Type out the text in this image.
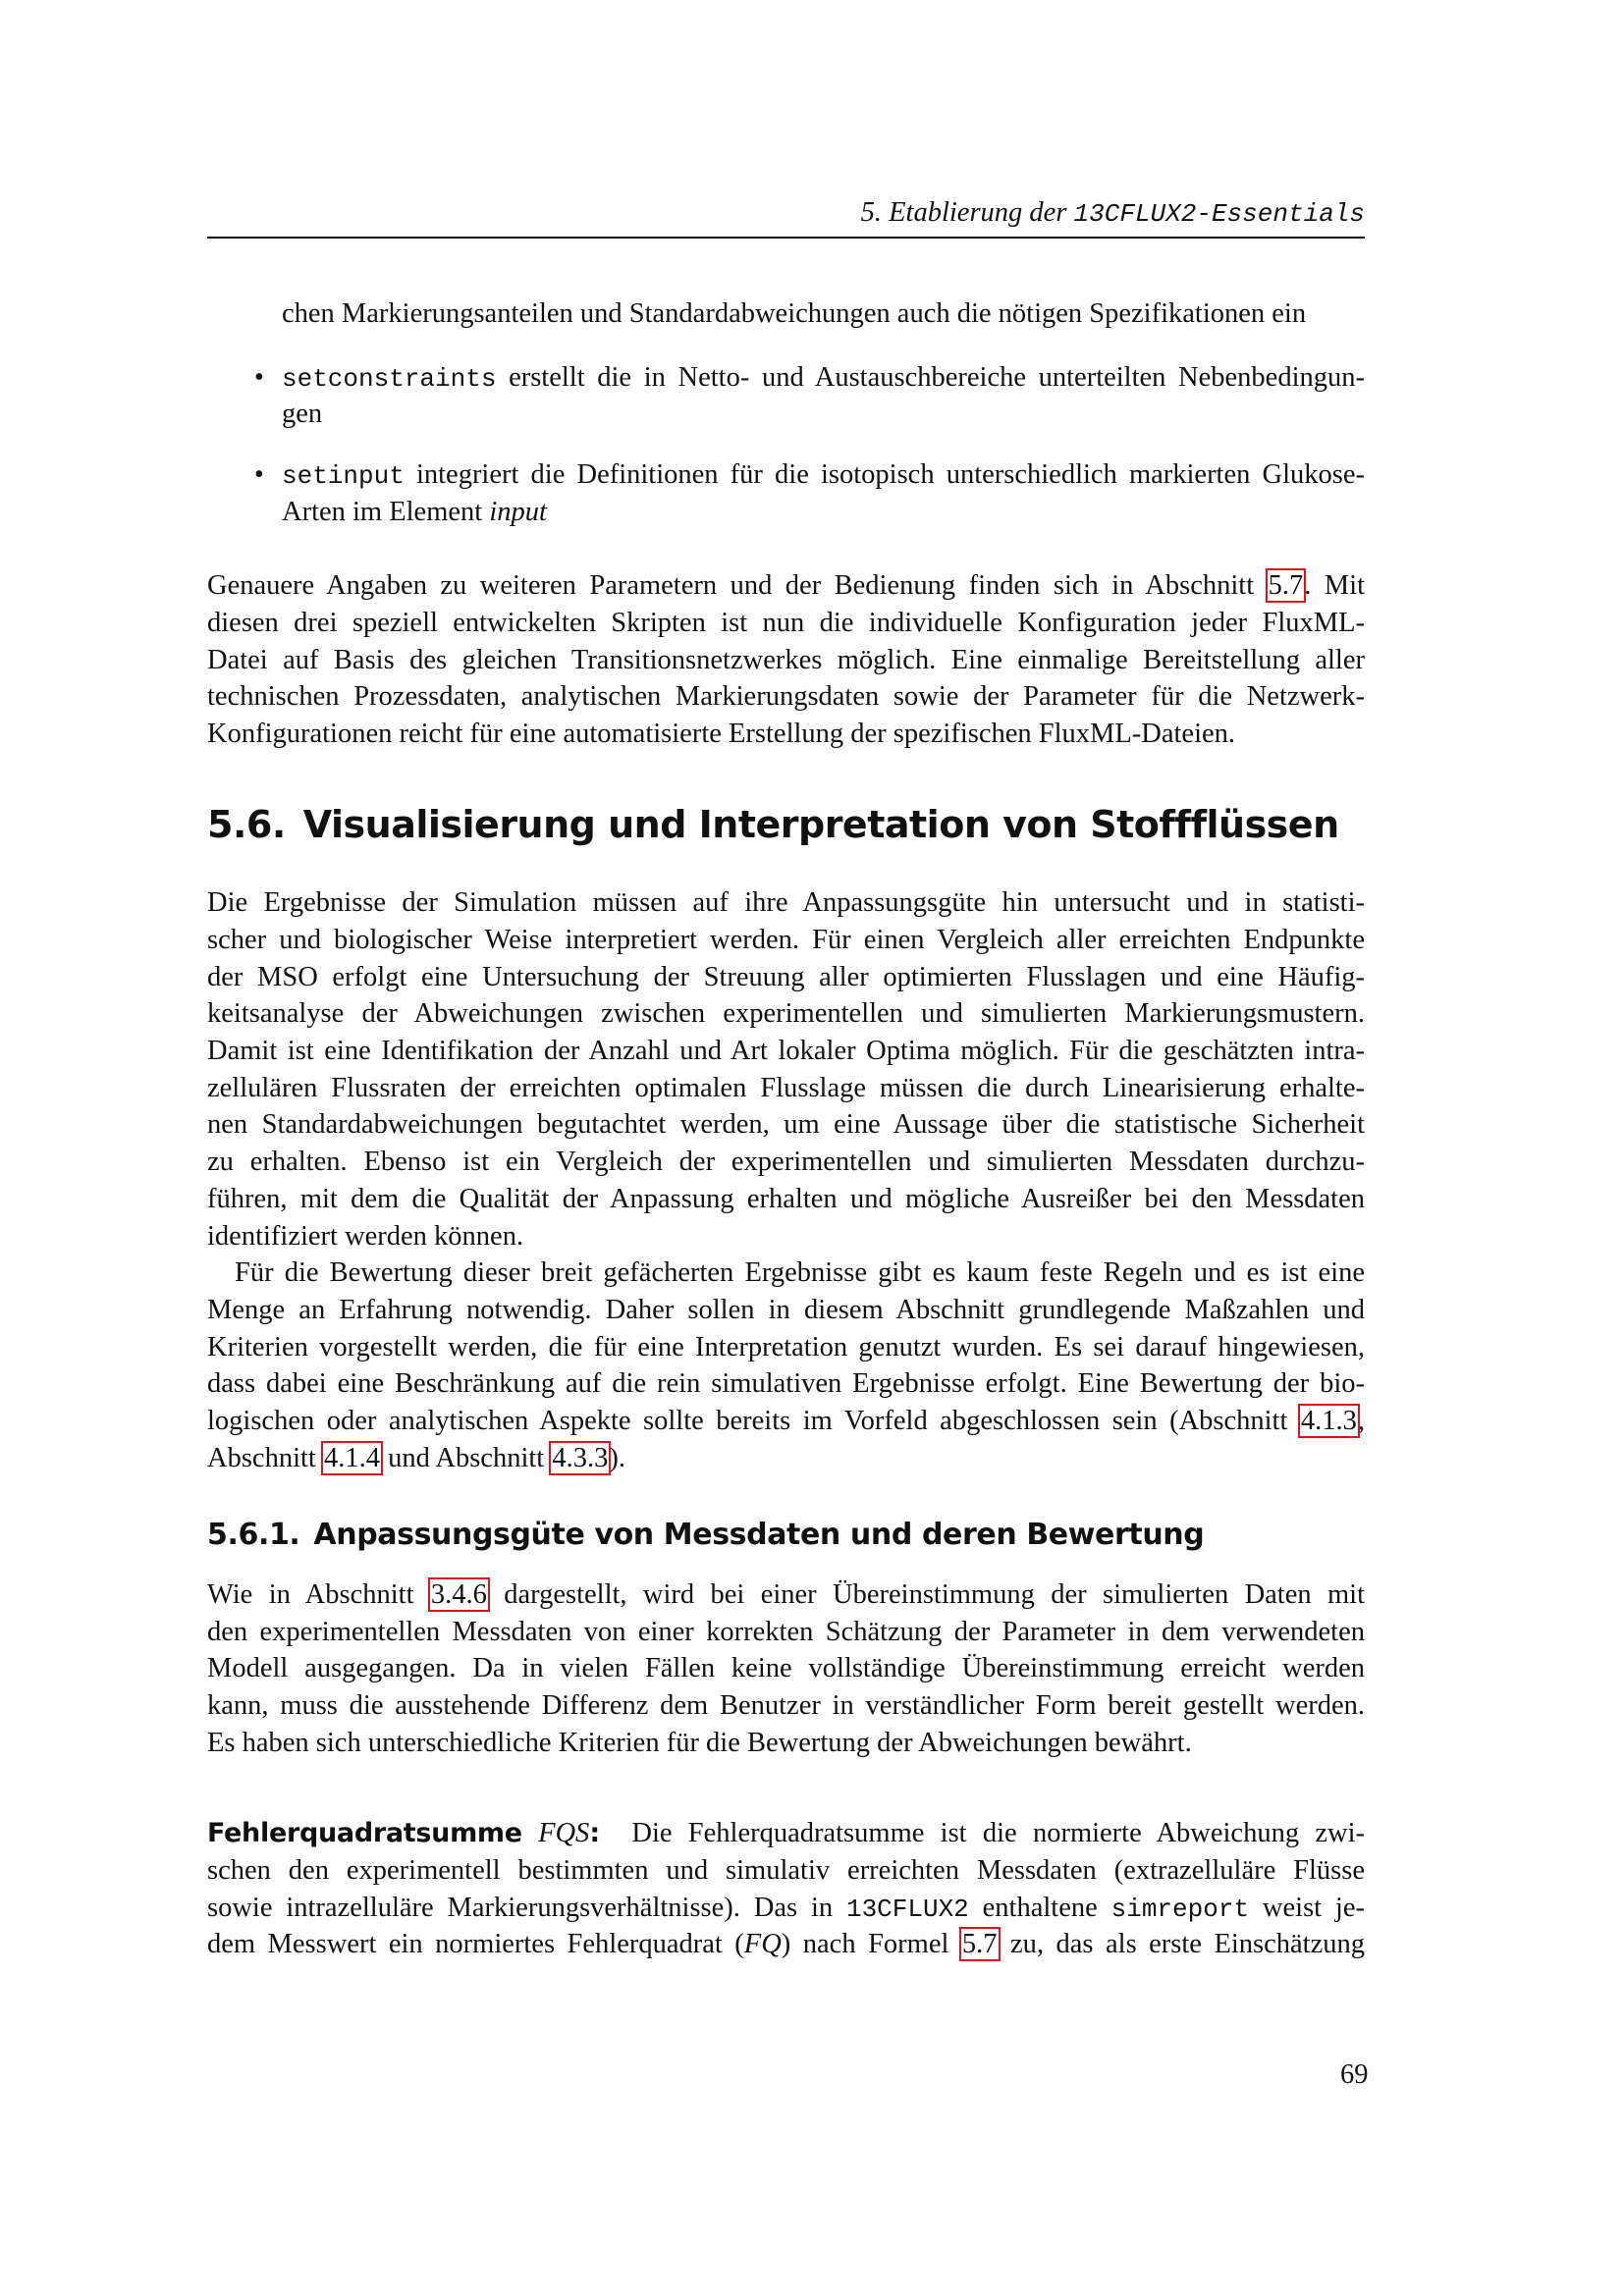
5. Etablierung der 13CFLUX2-Essentials
chen Markierungsanteilen und Standardabweichungen auch die nötigen Spezifikationen ein
• setconstraints erstellt die in Netto- und Austauschbereiche unterteilten Nebenbedingun-
gen
• setinput integriert die Definitionen für die isotopisch unterschiedlich markierten Glukose-
Arten im Element input
Genauere Angaben zu weiteren Parametern und der Bedienung finden sich in Abschnitt 5.7. Mit
diesen drei speziell entwickelten Skripten ist nun die individuelle Konfiguration jeder FluxML-
Datei auf Basis des gleichen Transitionsnetzwerkes möglich. Eine einmalige Bereitstellung aller
technischen Prozessdaten, analytischen Markierungsdaten sowie der Parameter für die Netzwerk-
Konfigurationen reicht für eine automatisierte Erstellung der spezifischen FluxML-Dateien.
5.6. Visualisierung und Interpretation von Stoffflüssen
Die Ergebnisse der Simulation müssen auf ihre Anpassungsgüte hin untersucht und in statisti-
scher und biologischer Weise interpretiert werden. Für einen Vergleich aller erreichten Endpunkte
der MSO erfolgt eine Untersuchung der Streuung aller optimierten Flusslagen und eine Häufig-
keitsanalyse der Abweichungen zwischen experimentellen und simulierten Markierungsmustern.
Damit ist eine Identifikation der Anzahl und Art lokaler Optima möglich. Für die geschätzten intra-
zellulären Flussraten der erreichten optimalen Flusslage müssen die durch Linearisierung erhalte-
nen Standardabweichungen begutachtet werden, um eine Aussage über die statistische Sicherheit
zu erhalten. Ebenso ist ein Vergleich der experimentellen und simulierten Messdaten durchzu-
führen, mit dem die Qualität der Anpassung erhalten und mögliche Ausreißer bei den Messdaten
identifiziert werden können.
Für die Bewertung dieser breit gefächerten Ergebnisse gibt es kaum feste Regeln und es ist eine
Menge an Erfahrung notwendig. Daher sollen in diesem Abschnitt grundlegende Maßzahlen und
Kriterien vorgestellt werden, die für eine Interpretation genutzt wurden. Es sei darauf hingewiesen,
dass dabei eine Beschränkung auf die rein simulativen Ergebnisse erfolgt. Eine Bewertung der bio-
logischen oder analytischen Aspekte sollte bereits im Vorfeld abgeschlossen sein (Abschnitt 4.1.3,
Abschnitt 4.1.4 und Abschnitt 4.3.3).
5.6.1. Anpassungsgüte von Messdaten und deren Bewertung
Wie in Abschnitt 3.4.6 dargestellt, wird bei einer Übereinstimmung der simulierten Daten mit
den experimentellen Messdaten von einer korrekten Schätzung der Parameter in dem verwendeten
Modell ausgegangen. Da in vielen Fällen keine vollständige Übereinstimmung erreicht werden
kann, muss die ausstehende Differenz dem Benutzer in verständlicher Form bereit gestellt werden.
Es haben sich unterschiedliche Kriterien für die Bewertung der Abweichungen bewährt.
Fehlerquadratsumme FQS:  Die Fehlerquadratsumme ist die normierte Abweichung zwi-
schen den experimentell bestimmten und simulativ erreichten Messdaten (extrazelluläre Flüsse
sowie intrazelluläre Markierungsverhältnisse). Das in 13CFLUX2 enthaltene simreport weist je-
dem Messwert ein normiertes Fehlerquadrat (FQ) nach Formel 5.7 zu, das als erste Einschätzung
69
